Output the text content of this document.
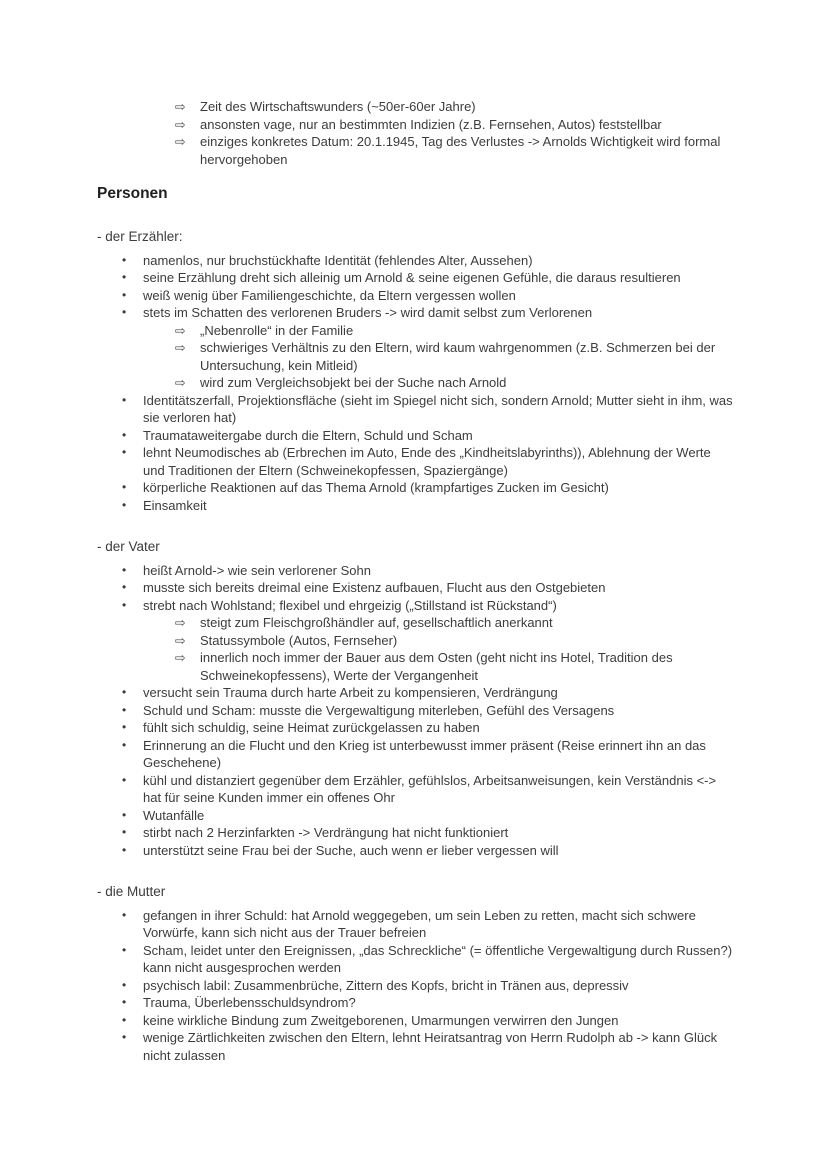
⇨ Zeit des Wirtschaftswunders (~50er-60er Jahre)
⇨ ansonsten vage, nur an bestimmten Indizien (z.B. Fernsehen, Autos) feststellbar
⇨ einziges konkretes Datum: 20.1.1945, Tag des Verlustes -> Arnolds Wichtigkeit wird formal hervorgehoben
Personen
- der Erzähler:
• namenlos, nur bruchstückhafte Identität (fehlendes Alter, Aussehen)
• seine Erzählung dreht sich alleinig um Arnold & seine eigenen Gefühle, die daraus resultieren
• weiß wenig über Familiengeschichte, da Eltern vergessen wollen
• stets im Schatten des verlorenen Bruders -> wird damit selbst zum Verlorenen
⇨ „Nebenrolle“ in der Familie
⇨ schwieriges Verhältnis zu den Eltern, wird kaum wahrgenommen (z.B. Schmerzen bei der Untersuchung, kein Mitleid)
⇨ wird zum Vergleichsobjekt bei der Suche nach Arnold
• Identitätszerfall, Projektionsfläche (sieht im Spiegel nicht sich, sondern Arnold; Mutter sieht in ihm, was sie verloren hat)
• Traumataweitergabe durch die Eltern, Schuld und Scham
• lehnt Neumodisches ab (Erbrechen im Auto, Ende des „Kindheitslabyrinths)), Ablehnung der Werte und Traditionen der Eltern (Schweinekopfessen, Spaziergänge)
• körperliche Reaktionen auf das Thema Arnold (krampfartiges Zucken im Gesicht)
• Einsamkeit
- der Vater
• heißt Arnold-> wie sein verlorener Sohn
• musste sich bereits dreimal eine Existenz aufbauen, Flucht aus den Ostgebieten
• strebt nach Wohlstand; flexibel und ehrgeizig („Stillstand ist Rückstand“)
⇨ steigt zum Fleischgroßhändler auf, gesellschaftlich anerkannt
⇨ Statussymbole (Autos, Fernseher)
⇨ innerlich noch immer der Bauer aus dem Osten (geht nicht ins Hotel, Tradition des Schweinekopfessens), Werte der Vergangenheit
• versucht sein Trauma durch harte Arbeit zu kompensieren, Verdrängung
• Schuld und Scham: musste die Vergewaltigung miterleben, Gefühl des Versagens
• fühlt sich schuldig, seine Heimat zurückgelassen zu haben
• Erinnerung an die Flucht und den Krieg ist unterbewusst immer präsent (Reise erinnert ihn an das Geschehene)
• kühl und distanziert gegenüber dem Erzähler, gefühlslos, Arbeitsanweisungen, kein Verständnis <-> hat für seine Kunden immer ein offenes Ohr
• Wutanfälle
• stirbt nach 2 Herzinfarkten -> Verdrängung hat nicht funktioniert
• unterstützt seine Frau bei der Suche, auch wenn er lieber vergessen will
- die Mutter
• gefangen in ihrer Schuld: hat Arnold weggegeben, um sein Leben zu retten, macht sich schwere Vorwürfe, kann sich nicht aus der Trauer befreien
• Scham, leidet unter den Ereignissen, „das Schreckliche“ (= öffentliche Vergewaltigung durch Russen?) kann nicht ausgesprochen werden
• psychisch labil: Zusammenbrüche, Zittern des Kopfs, bricht in Tränen aus, depressiv
• Trauma, Überlebensschuldsyndrom?
• keine wirkliche Bindung zum Zweitgeborenen, Umarmungen verwirren den Jungen
• wenige Zärtlichkeiten zwischen den Eltern, lehnt Heiratsantrag von Herrn Rudolph ab -> kann Glück nicht zulassen
